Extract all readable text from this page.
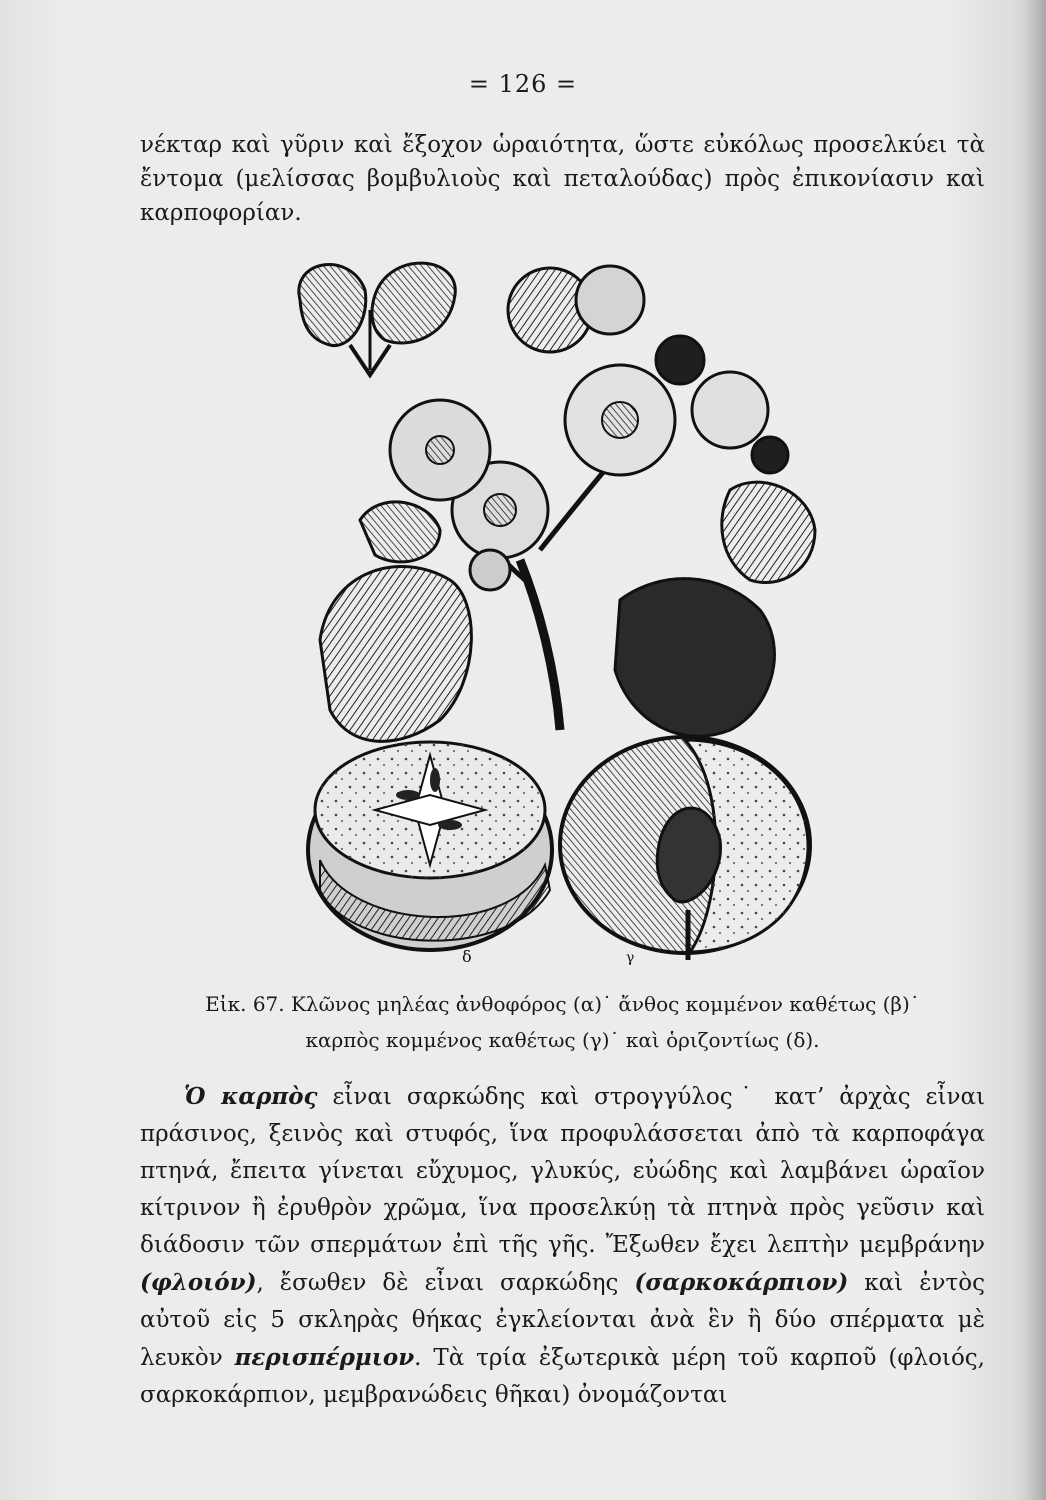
= 126 =

νέκταρ καὶ γῦριν καὶ ἔξοχον ὡραιότητα, ὥστε εὐκόλως προσελκύει τὰ ἔντομα (μελίσσας βομβυλιοὺς καὶ πεταλούδας) πρὸς ἐπικονίασιν καὶ καρποφορίαν.

δ	γ
Εἰκ. 67. Κλῶνος μηλέας ἀνθοφόρος (α)˙ ἄνθος κομμένον καθέτως (β)˙
καρπὸς κομμένος καθέτως (γ)˙ καὶ ὁριζοντίως (δ).

Ὁ καρπὸς εἶναι σαρκώδης καὶ στρογγύλος˙ κατ’ ἀρχὰς εἶναι πράσινος, ξεινὸς καὶ στυφός, ἵνα προφυλάσσεται ἀπὸ τὰ καρποφάγα πτηνά, ἔπειτα γίνεται εὔχυμος, γλυκύς, εὐώδης καὶ λαμβάνει ὡραῖον κίτρινον ἢ ἐρυθρὸν χρῶμα, ἵνα προσελκύῃ τὰ πτηνὰ πρὸς γεῦσιν καὶ διάδοσιν τῶν σπερμάτων ἐπὶ τῆς γῆς. Ἔξωθεν ἔχει λεπτὴν μεμβράνην (φλοιόν), ἔσωθεν δὲ εἶναι σαρκώδης (σαρκοκάρπιον) καὶ ἐντὸς αὐτοῦ εἰς 5 σκληρὰς θήκας ἐγκλείονται ἀνὰ ἓν ἢ δύο σπέρματα μὲ λευκὸν περισπέρμιον. Τὰ τρία ἐξωτερικὰ μέρη τοῦ καρποῦ (φλοιός, σαρκοκάρπιον, μεμβρανώδεις θῆκαι) ὀνομάζονται
